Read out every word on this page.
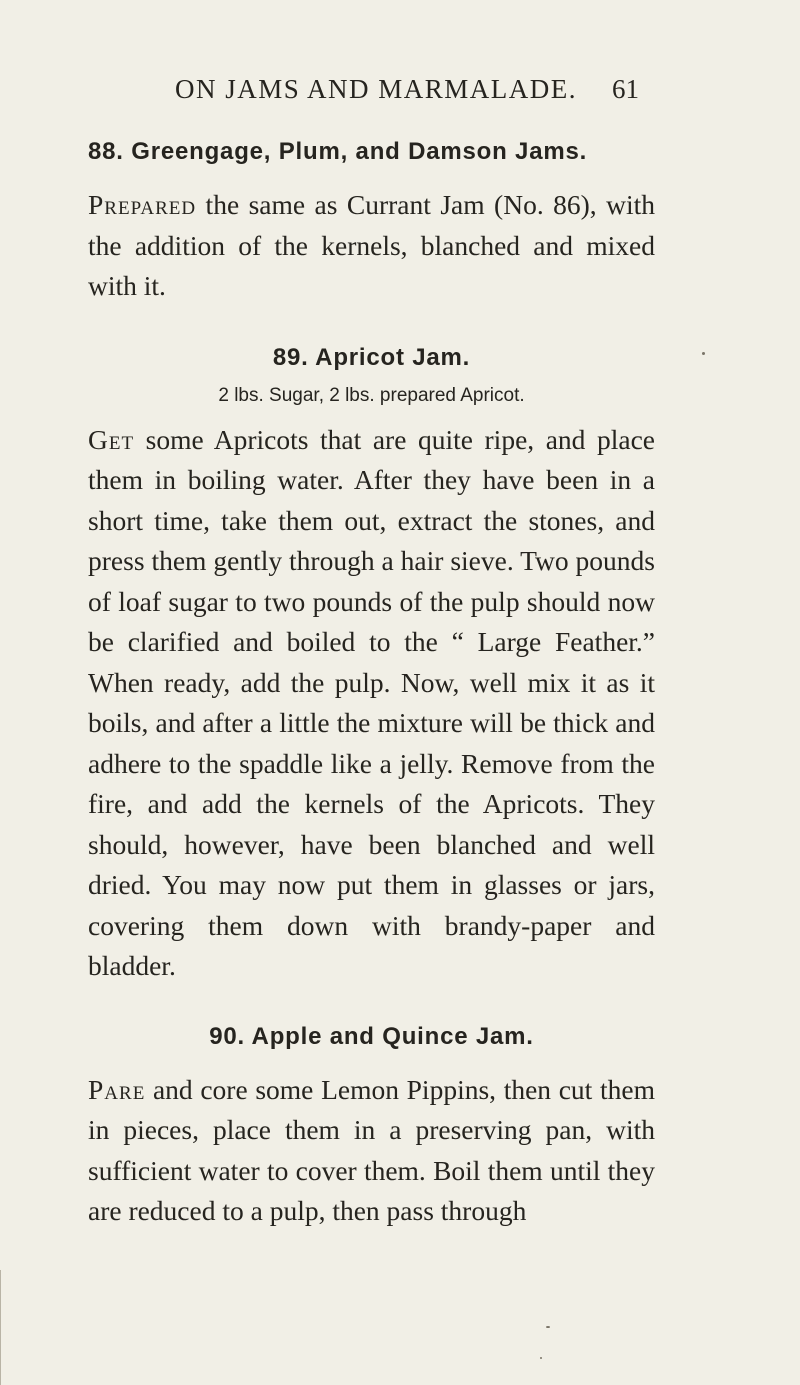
ON JAMS AND MARMALADE. 61
88. Greengage, Plum, and Damson Jams.

Prepared the same as Currant Jam (No. 86), with the addition of the kernels, blanched and mixed with it.

89. Apricot Jam.

2 lbs. Sugar, 2 lbs. prepared Apricot.

Get some Apricots that are quite ripe, and place them in boiling water. After they have been in a short time, take them out, extract the stones, and press them gently through a hair sieve. Two pounds of loaf sugar to two pounds of the pulp should now be clarified and boiled to the “ Large Feather.” When ready, add the pulp. Now, well mix it as it boils, and after a little the mixture will be thick and adhere to the spaddle like a jelly. Remove from the fire, and add the kernels of the Apricots. They should, however, have been blanched and well dried. You may now put them in glasses or jars, covering them down with brandy-paper and bladder.

90. Apple and Quince Jam.

Pare and core some Lemon Pippins, then cut them in pieces, place them in a preserving pan, with sufficient water to cover them. Boil them until they are reduced to a pulp, then pass through
